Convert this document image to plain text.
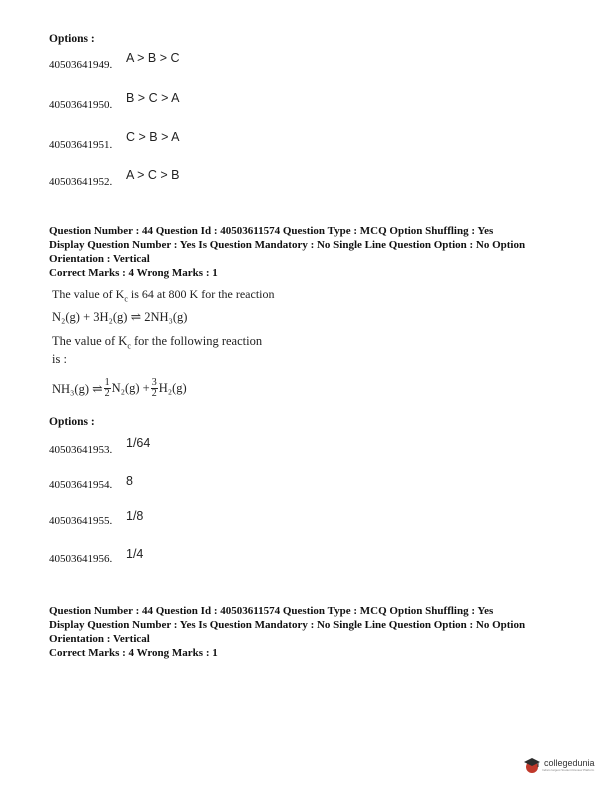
Options :
40503641949. A > B > C
40503641950. B > C > A
40503641951.
C > B > A
40503641952. A > C > B
Question Number : 44 Question Id : 40503611574 Question Type : MCQ Option Shuffling : Yes
Display Question Number : Yes Is Question Mandatory : No Single Line Question Option : No Option
Orientation : Vertical
Correct Marks : 4 Wrong Marks : 1
The value of $K_c$ is 64 at 800 K for the reaction
N₂(g) + 3H₂(g) ⇌ 2NH₃(g)
The value of $K_c$ for the following reaction
is :
NH₃(g) ⇌ $\frac{1}{2} N_2(g) + \frac{3}{2} H_2(g)$
Options :
40503641953. 1/64
40503641954. 8
40503641955. 1/8
40503641956. 1/4
Question Number : 44 Question Id : 40503611574 Question Type : MCQ Option Shuffling : Yes
Display Question Number : Yes Is Question Mandatory : No Single Line Question Option : No Option
Orientation : Vertical
Correct Marks : 4 Wrong Marks : 1
collegedunia
India's largest Student Review Platform
